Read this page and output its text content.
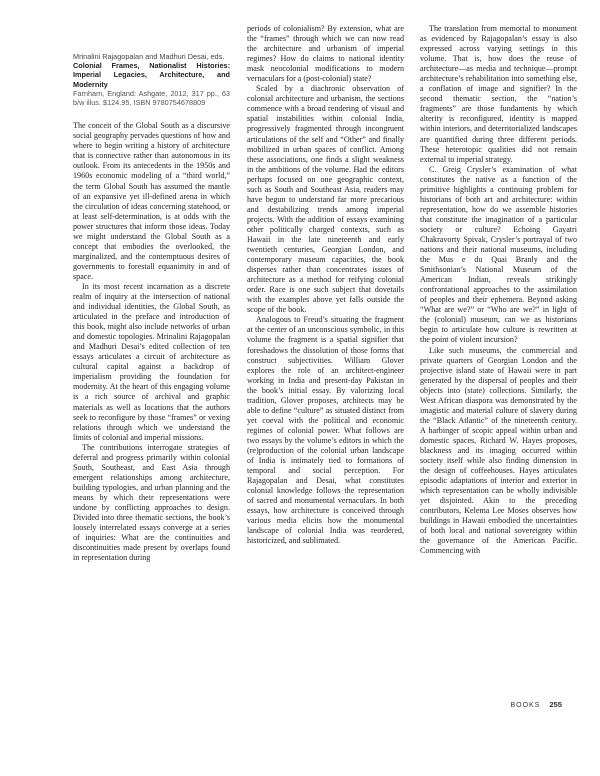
Mrinalini Rajagopalan and Madhuri Desai, eds.
Colonial Frames, Nationalist Histories: Imperial Legacies, Architecture, and Modernity
Farnham, England: Ashgate, 2012, 317 pp., 63 b/w illus. $124.95, ISBN 9780754678809

The conceit of the Global South as a discursive social geography pervades questions of how and where to begin writing a history of architecture that is connective rather than autonomous in its outlook. From its antecedents in the 1950s and 1960s economic modeling of a “third world,” the term Global South has assumed the mantle of an expansive yet ill-defined arena in which the circulation of ideas concerning statehood, or at least self-determination, is at odds with the power structures that inform those ideas. Today we might understand the Global South as a concept that embodies the overlooked, the marginalized, and the contemptuous desires of governments to forestall equanimity in and of space.

In its most recent incarnation as a discrete realm of inquiry at the intersection of national and individual identities, the Global South, as articulated in the preface and introduction of this book, might also include networks of urban and domestic topologies. Mrinalini Rajagopalan and Madhuri Desai’s edited collection of ten essays articulates a circuit of architecture as cultural capital against a backdrop of imperialism providing the foundation for modernity. At the heart of this engaging volume is a rich source of archival and graphic materials as well as locations that the authors seek to reconfigure by those “frames” or vexing relations through which we understand the limits of colonial and imperial missions.

The contributions interrogate strategies of deferral and progress primarily within colonial South, Southeast, and East Asia through emergent relationships among architecture, building typologies, and urban planning and the means by which their representations were undone by conflicting approaches to design. Divided into three thematic sections, the book’s loosely interrelated essays converge at a series of inquiries: What are the continuities and discontinuities made present by overlaps found in representation during

periods of colonialism? By extension, what are the “frames” through which we can now read the architecture and urbanism of imperial regimes? How do claims to national identity mask neocolonial modifications to modern vernaculars for a (post-colonial) state?

Scaled by a diachronic observation of colonial architecture and urbanism, the sections commence with a broad rendering of visual and spatial instabilities within colonial India, progressively fragmented through incongruent articulations of the self and “Other” and finally mobilized in urban spaces of conflict. Among these associations, one finds a slight weakness in the ambitions of the volume. Had the editors perhaps focused on one geographic context, such as South and Southeast Asia, readers may have begun to understand far more precarious and destabilizing trends among imperial projects. With the addition of essays examining other politically charged contexts, such as Hawaii in the late nineteenth and early twentieth centuries, Georgian London, and contemporary museum capacities, the book disperses rather than concentrates issues of architecture as a method for reifying colonial order. Race is one such subject that dovetails with the examples above yet falls outside the scope of the book.

Analogous to Freud’s situating the fragment at the center of an unconscious symbolic, in this volume the fragment is a spatial signifier that foreshadows the dissolution of those forms that construct subjectivities. William Glover explores the role of an architect-engineer working in India and present-day Pakistan in the book’s initial essay. By valorizing local tradition, Glover proposes, architects may be able to define “culture” as situated distinct from yet coeval with the political and economic regimes of colonial power. What follows are two essays by the volume’s editors in which the (re)production of the colonial urban landscape of India is intimately tied to formations of temporal and social perception. For Rajagopalan and Desai, what constitutes colonial knowledge follows the representation of sacred and monumental vernaculars. In both essays, how architecture is conceived through various media elicits how the monumental landscape of colonial India was reordered, historicized, and sublimated.

The translation from memorial to monument as evidenced by Rajagopalan’s essay is also expressed across varying settings in this volume. That is, how does the reuse of architecture—as media and technique—prompt architecture’s rehabilitation into something else, a conflation of image and signifier? In the second thematic section, the “nation’s fragments” are those fundaments by which alterity is reconfigured, identity is mapped within interiors, and deterritorialized landscapes are quantified during three different periods. These heterotopic qualities did not remain external to imperial strategy.

C. Greig Crysler’s examination of what constitutes the native as a function of the primitive highlights a continuing problem for historians of both art and architecture: within representation, how do we assemble histories that constitute the imagination of a particular society or culture? Echoing Gayatri Chakravorty Spivak, Crysler’s portrayal of two nations and their national museums, including the Mus e du Quai Branly and the Smithsonian’s National Museum of the American Indian, reveals strikingly confrontational approaches to the assimilation of peoples and their ephemera. Beyond asking “What are we?” or “Who are we?” in light of the (colonial) museum, can we as historians begin to articulate how culture is rewritten at the point of violent incursion?

Like such museums, the commercial and private quarters of Georgian London and the projective island state of Hawaii were in part generated by the dispersal of peoples and their objects into (state) collections. Similarly, the West African diaspora was demonstrated by the imagistic and material culture of slavery during the “Black Atlantic” of the nineteenth century. A harbinger of scopic appeal within urban and domestic spaces, Richard W. Hayes proposes, blackness and its imaging occurred within society itself while also finding dimension in the design of coffeehouses. Hayes articulates episodic adaptations of interior and exterior in which representation can be wholly indivisible yet disjointed. Akin to the preceding contributors, Kelema Lee Moses observes how buildings in Hawaii embodied the uncertainties of both local and national sovereignty within the governance of the American Pacific. Commencing with

BOOKS 255
